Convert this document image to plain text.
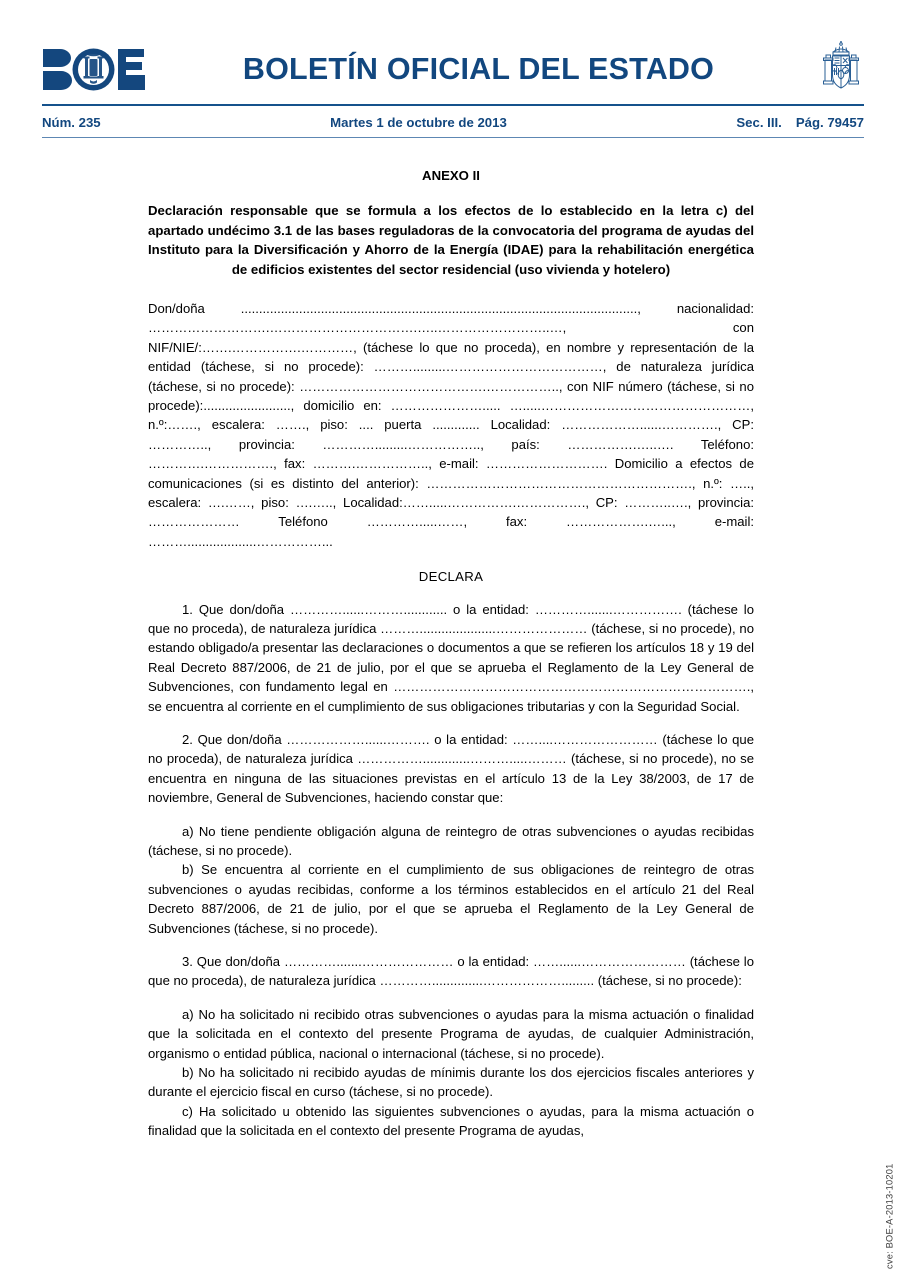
BOLETÍN OFICIAL DEL ESTADO
Núm. 235	Martes 1 de octubre de 2013	Sec. III. Pág. 79457
ANEXO II
Declaración responsable que se formula a los efectos de lo establecido en la letra c) del apartado undécimo 3.1 de las bases reguladoras de la convocatoria del programa de ayudas del Instituto para la Diversificación y Ahorro de la Energía (IDAE) para la rehabilitación energética de edificios existentes del sector residencial (uso vivienda y hotelero)
Don/doña ............................................................................................................., nacionalidad: ……………………….…………………………….…..……………………..…, con NIF/NIE/:…….…………….…………, (táchese lo que no proceda), en nombre y representación de la entidad (táchese, si no procede): ……….........………………………………, de naturaleza jurídica (táchese, si no procede): …………………………………….…………….., con NIF número (táchese, si no procede):........................, domicilio en: …………………..... ….....…………………………………………, n.º:……., escalera: ……., piso: .... puerta ............. Localidad: ………………......…………., CP: ………….., provincia: ………….........…………….., país: …………….…..…. Teléfono: ………….……………., fax: ……….…………….., e-mail: ………………………. Domicilio a efectos de comunicaciones (si es distinto del anterior): ……………………………………………………., n.º: ….., escalera: ….……, piso: ….….., Localidad:…….....…………….……………., CP: ………..…., provincia: ………………… Teléfono ………….....……, fax: ……………….…..., e-mail: ………...................……………...
DECLARA

1. Que don/doña …………......………............ o la entidad: ………….......……………. (táchese lo que no proceda), de naturaleza jurídica ……….....................………………… (táchese, si no procede), no estando obligado/a presentar las declaraciones o documentos a que se refieren los artículos 18 y 19 del Real Decreto 887/2006, de 21 de julio, por el que se aprueba el Reglamento de la Ley General de Subvenciones, con fundamento legal en ………………………………………………………………………., se encuentra al corriente en el cumplimiento de sus obligaciones tributarias y con la Seguridad Social.

2. Que don/doña ………………......………. o la entidad: ……....…………………… (táchese lo que no proceda), de naturaleza jurídica …………….............……….....……… (táchese, si no procede), no se encuentra en ninguna de las situaciones previstas en el artículo 13 de la Ley 38/2003, de 17 de noviembre, General de Subvenciones, haciendo constar que:

a) No tiene pendiente obligación alguna de reintegro de otras subvenciones o ayudas recibidas (táchese, si no procede).

b) Se encuentra al corriente en el cumplimiento de sus obligaciones de reintegro de otras subvenciones o ayudas recibidas, conforme a los términos establecidos en el artículo 21 del Real Decreto 887/2006, de 21 de julio, por el que se aprueba el Reglamento de la Ley General de Subvenciones (táchese, si no procede).

3. Que don/doña ………….......………………… o la entidad: ……......…………………… (táchese lo que no proceda), de naturaleza jurídica …………..............………………......... (táchese, si no procede):

a) No ha solicitado ni recibido otras subvenciones o ayudas para la misma actuación o finalidad que la solicitada en el contexto del presente Programa de ayudas, de cualquier Administración, organismo o entidad pública, nacional o internacional (táchese, si no procede).

b) No ha solicitado ni recibido ayudas de mínimis durante los dos ejercicios fiscales anteriores y durante el ejercicio fiscal en curso (táchese, si no procede).

c) Ha solicitado u obtenido las siguientes subvenciones o ayudas, para la misma actuación o finalidad que la solicitada en el contexto del presente Programa de ayudas,

cve: BOE-A-2013-10201
